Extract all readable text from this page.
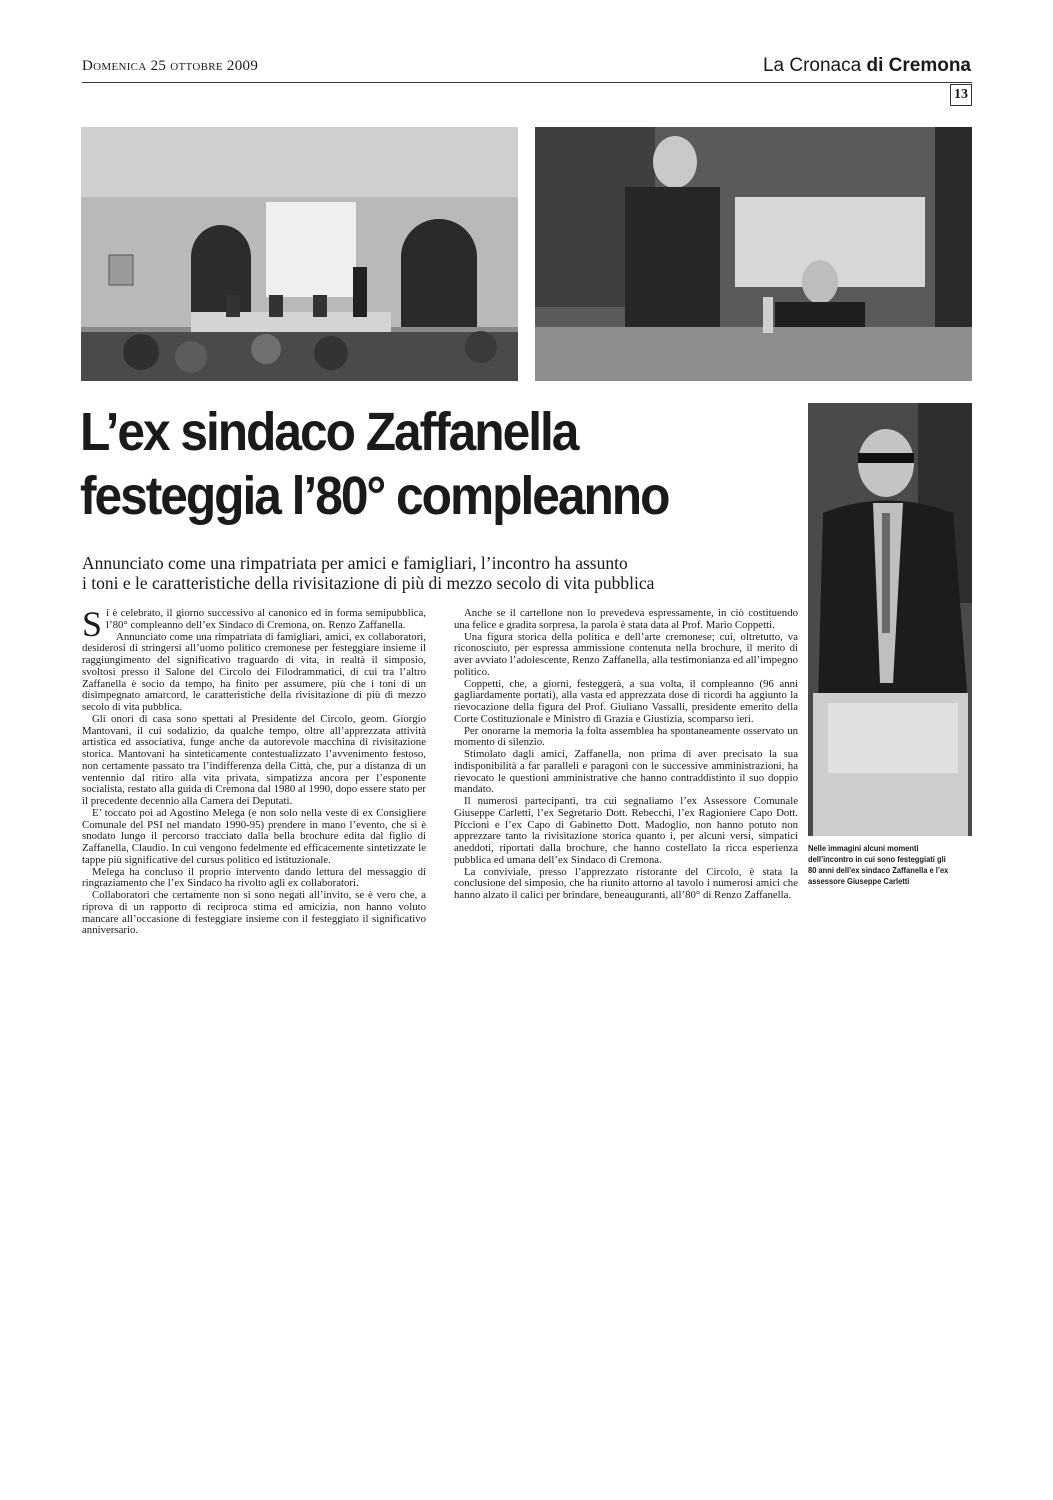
Domenica 25 ottobre 2009	La Cronaca di Cremona
13
L’ex sindaco Zaffanella
festeggia l’80° compleanno
Annunciato come una rimpatriata per amici e famigliari, l’incontro ha assunto
i toni e le caratteristiche della rivisitazione di più di mezzo secolo di vita pubblica

Si è celebrato, il giorno successivo al canonico ed in forma semipubblica, l’80° compleanno dell’ex Sindaco di Cremona, on. Renzo Zaffanella.

Annunciato come una rimpatriata di famigliari, amici, ex collaboratori, desiderosi di stringersi all’uomo politico cremonese per festeggiare insieme il raggiungimento del significativo traguardo di vita, in realtà il simposio, svoltosi presso il Salone del Circolo dei Filodrammatici, di cui tra l’altro Zaffanella è socio da tempo, ha finito per assumere, più che i toni di un disimpegnato amarcord, le caratteristiche della rivisitazione di più di mezzo secolo di vita pubblica.

Gli onori di casa sono spettati al Presidente del Circolo, geom. Giorgio Mantovani, il cui sodalizio, da qualche tempo, oltre all’apprezzata attività artistica ed associativa, funge anche da autorevole macchina di rivisitazione storica. Mantovani ha sinteticamente contestualizzato l’avvenimento festoso, non certamente passato tra l’indifferenza della Città, che, pur a distanza di un ventennio dal ritiro alla vita privata, simpatizza ancora per l’esponente socialista, restato alla guida di Cremona dal 1980 al 1990, dopo essere stato per il precedente decennio alla Camera dei Deputati.

E’ toccato poi ad Agostino Melega (e non solo nella veste di ex Consigliere Comunale del PSI nel mandato 1990-95) prendere in mano l’evento, che si è snodato lungo il percorso tracciato dalla bella brochure edita dal figlio di Zaffanella, Claudio. In cui vengono fedelmente ed efficacemente sintetizzate le tappe più significative del cursus politico ed istituzionale.

Melega ha concluso il proprio intervento dando lettura del messaggio di ringraziamento che l’ex Sindaco ha rivolto agli ex collaboratori.

Collaboratori che certamente non si sono negati all’invito, se è vero che, a riprova di un rapporto di reciproca stima ed amicizia, non hanno voluto mancare all’occasione di festeggiare insieme con il festeggiato il significativo anniversario.

Anche se il cartellone non lo prevedeva espressamente, in ciò costituendo una felice e gradita sorpresa, la parola è stata data al Prof. Mario Coppetti.

Una figura storica della politica e dell’arte cremonese; cui, oltretutto, va riconosciuto, per espressa ammissione contenuta nella brochure, il merito di aver avviato l’adolescente, Renzo Zaffanella, alla testimonianza ed all’impegno politico.

Coppetti, che, a giorni, festeggerà, a sua volta, il compleanno (96 anni gagliardamente portati), alla vasta ed apprezzata dose di ricordi ha aggiunto la rievocazione della figura del Prof. Giuliano Vassalli, presidente emerito della Corte Costituzionale e Ministro di Grazia e Giustizia, scomparso ieri.

Per onorarne la memoria la folta assemblea ha spontaneamente osservato un momento di silenzio.

Stimolato dagli amici, Zaffanella, non prima di aver precisato la sua indisponibilità a far paralleli e paragoni con le successive amministrazioni, ha rievocato le questioni amministrative che hanno contraddistinto il suo doppio mandato.

Il numerosi partecipanti, tra cui segnaliamo l’ex Assessore Comunale Giuseppe Carletti, l’ex Segretario Dott. Rebecchi, l’ex Ragioniere Capo Dott. Piccioni e l’ex Capo di Gabinetto Dott. Madoglio, non hanno potuto non apprezzare tanto la rivisitazione storica quanto i, per alcuni versi, simpatici aneddoti, riportati dalla brochure, che hanno costellato la ricca esperienza pubblica ed umana dell’ex Sindaco di Cremona.

La conviviale, presso l’apprezzato ristorante del Circolo, è stata la conclusione del simposio, che ha riunito attorno al tavolo i numerosi amici che hanno alzato il calici per brindare, beneauguranti, all’80° di Renzo Zaffanella.

Nelle immagini alcuni momenti dell’incontro in cui sono festeggiati gli 80 anni dell’ex sindaco Zaffanella e l’ex assessore Giuseppe Carletti
